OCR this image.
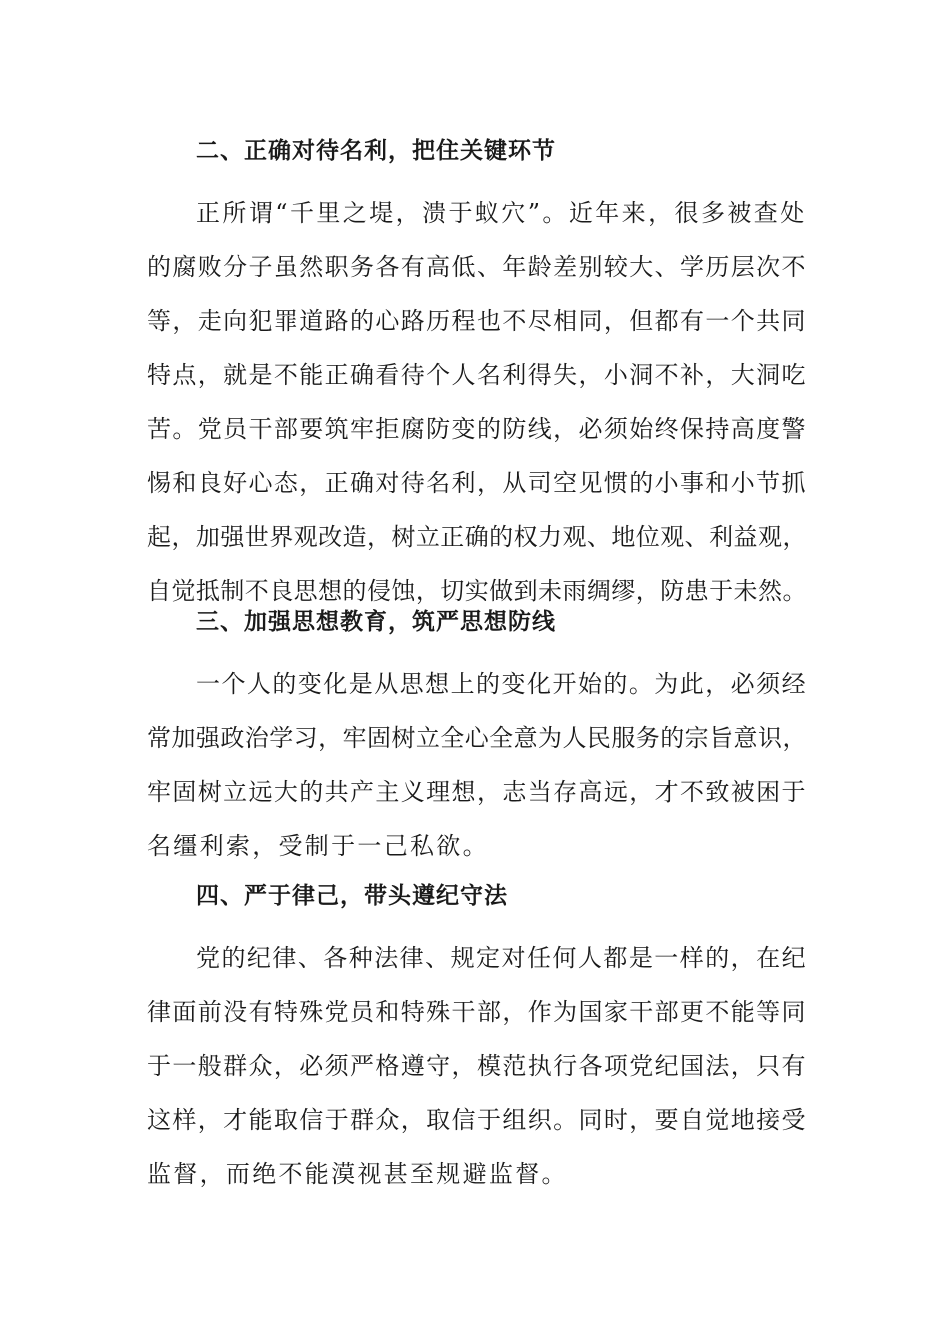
二、正确对待名利，把住关键环节
正所谓“千里之堤，溃于蚁穴”。近年来，很多被查处
的腐败分子虽然职务各有高低、年龄差别较大、学历层次不
等，走向犯罪道路的心路历程也不尽相同，但都有一个共同
特点，就是不能正确看待个人名利得失，小洞不补，大洞吃
苦。党员干部要筑牢拒腐防变的防线，必须始终保持高度警
惕和良好心态，正确对待名利，从司空见惯的小事和小节抓
起，加强世界观改造，树立正确的权力观、地位观、利益观，
自觉抵制不良思想的侵蚀，切实做到未雨绸缪，防患于未然。
三、加强思想教育，筑严思想防线
一个人的变化是从思想上的变化开始的。为此，必须经
常加强政治学习，牢固树立全心全意为人民服务的宗旨意识，
牢固树立远大的共产主义理想，志当存高远，才不致被困于
名缰利索，受制于一己私欲。
四、严于律己，带头遵纪守法
党的纪律、各种法律、规定对任何人都是一样的，在纪
律面前没有特殊党员和特殊干部，作为国家干部更不能等同
于一般群众，必须严格遵守，模范执行各项党纪国法，只有
这样，才能取信于群众，取信于组织。同时，要自觉地接受
监督，而绝不能漠视甚至规避监督。
